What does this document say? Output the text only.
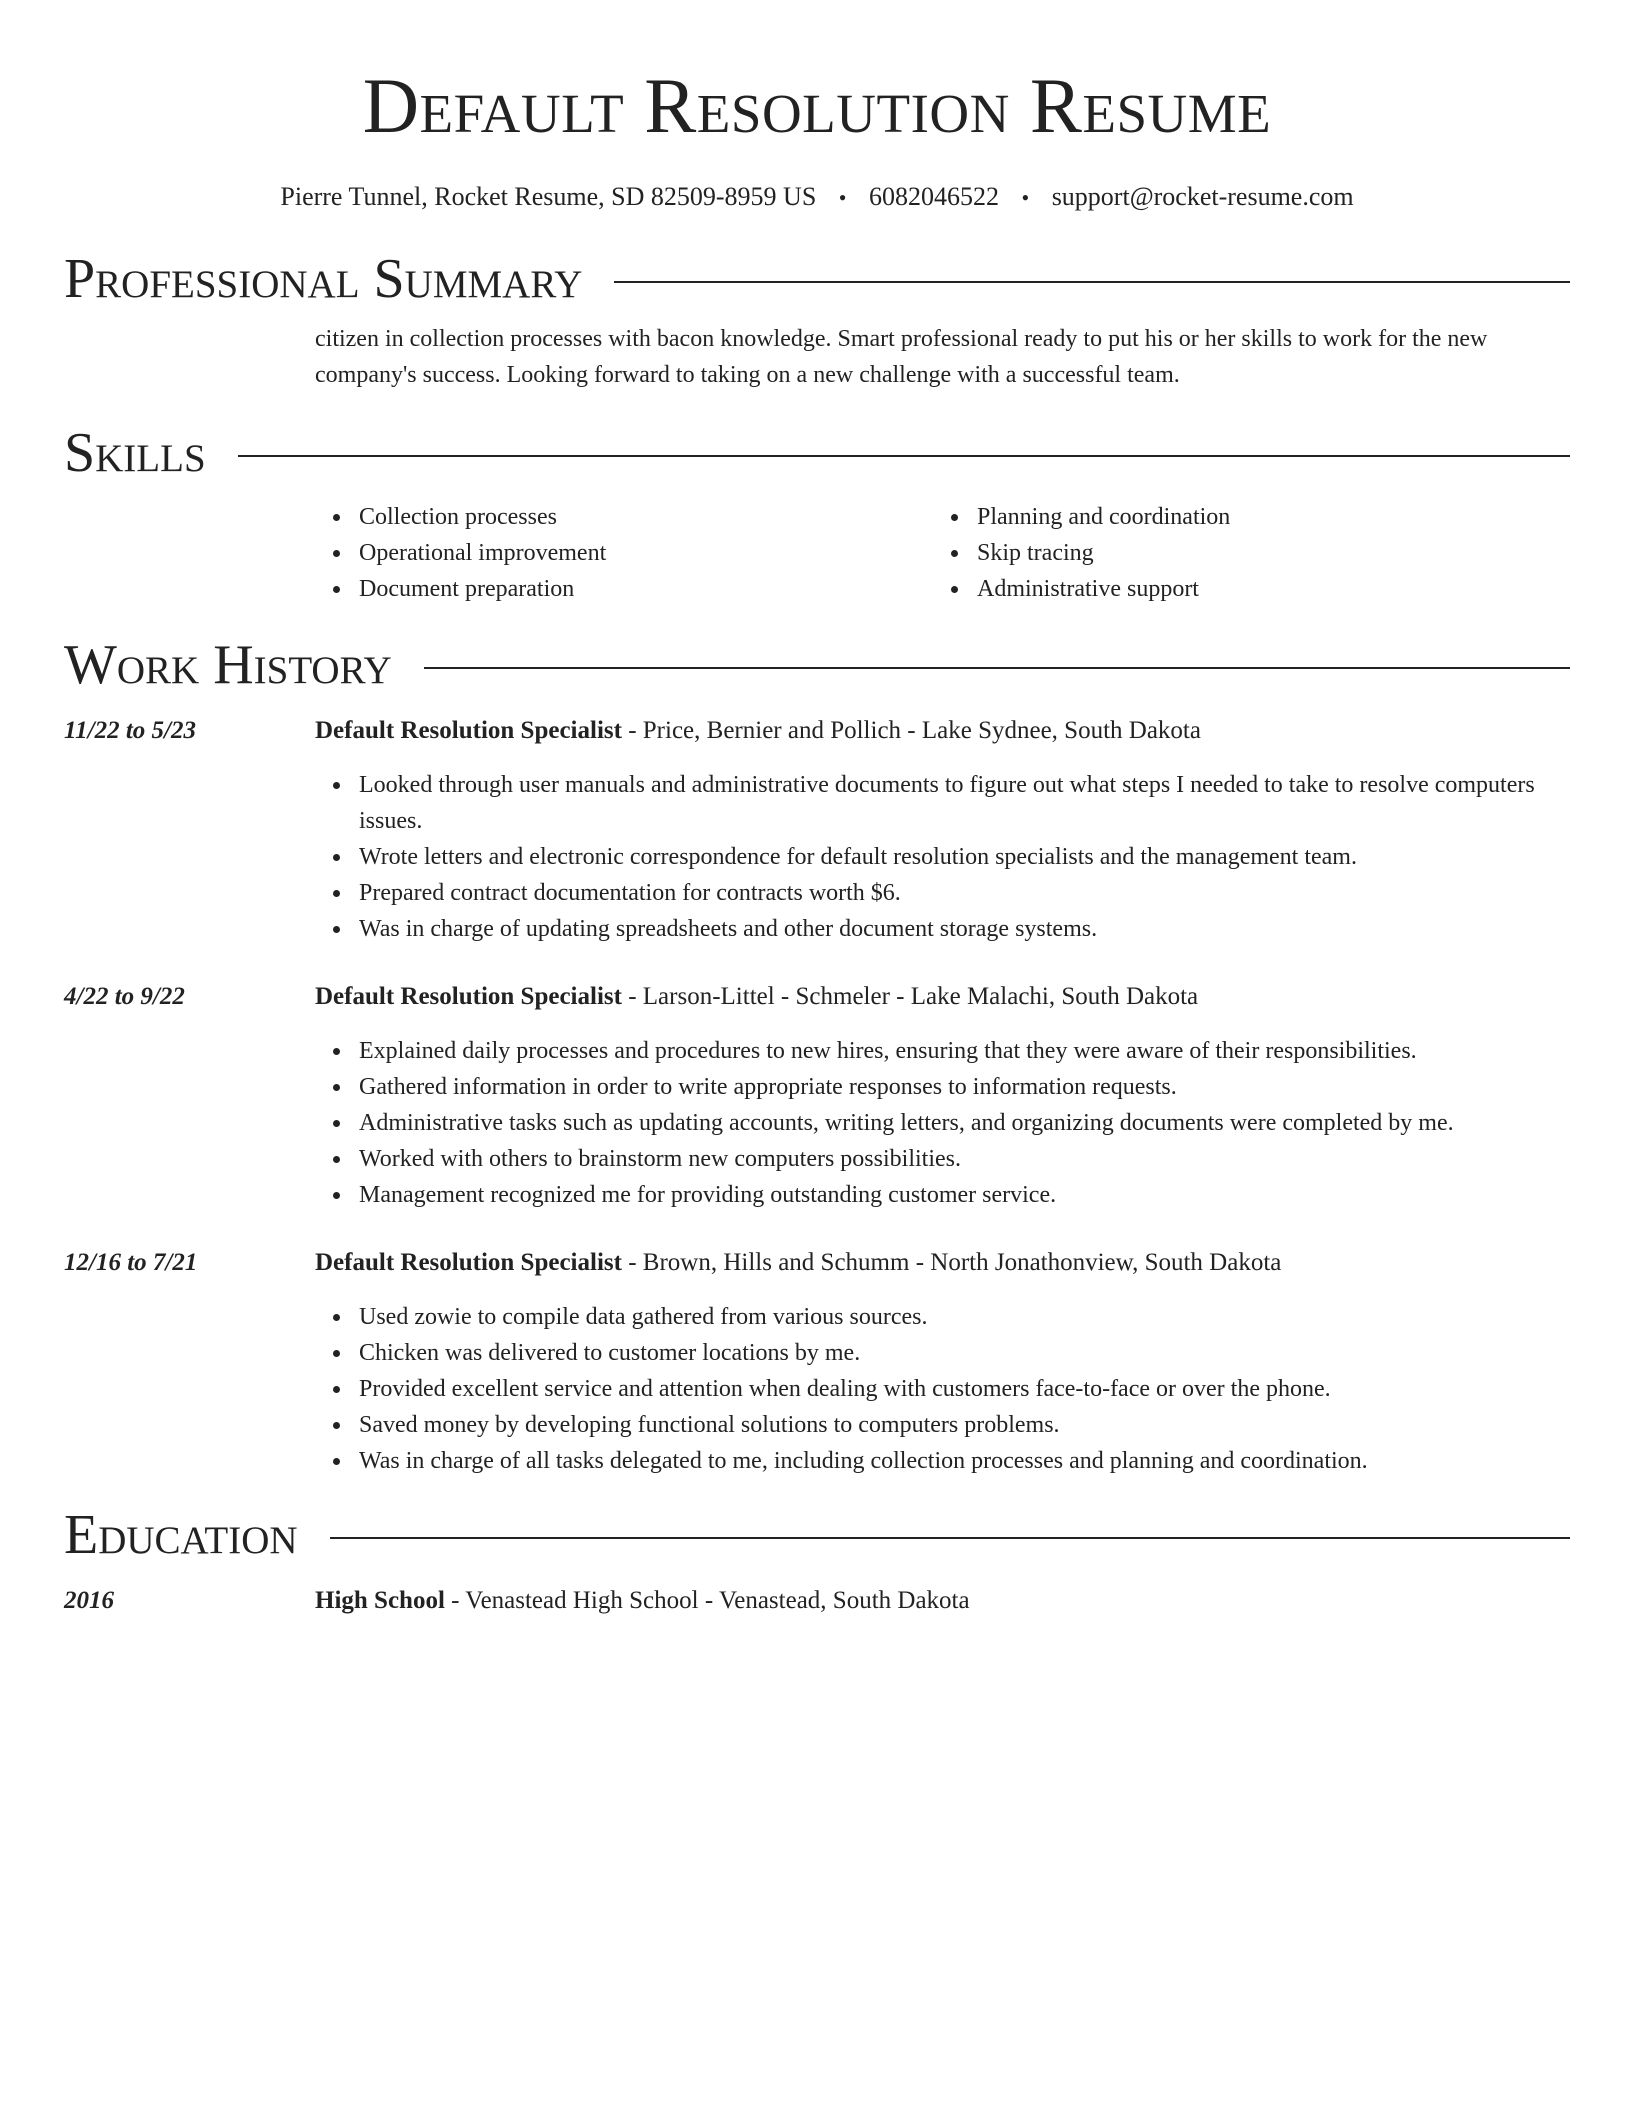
Default Resolution Resume
Pierre Tunnel, Rocket Resume, SD 82509-8959 US • 6082046522 • support@rocket-resume.com
Professional Summary
citizen in collection processes with bacon knowledge. Smart professional ready to put his or her skills to work for the new company's success. Looking forward to taking on a new challenge with a successful team.
Skills
Collection processes
Operational improvement
Document preparation
Planning and coordination
Skip tracing
Administrative support
Work History
11/22 to 5/23	Default Resolution Specialist - Price, Bernier and Pollich - Lake Sydnee, South Dakota
Looked through user manuals and administrative documents to figure out what steps I needed to take to resolve computers issues.
Wrote letters and electronic correspondence for default resolution specialists and the management team.
Prepared contract documentation for contracts worth $6.
Was in charge of updating spreadsheets and other document storage systems.
4/22 to 9/22	Default Resolution Specialist - Larson-Littel - Schmeler - Lake Malachi, South Dakota
Explained daily processes and procedures to new hires, ensuring that they were aware of their responsibilities.
Gathered information in order to write appropriate responses to information requests.
Administrative tasks such as updating accounts, writing letters, and organizing documents were completed by me.
Worked with others to brainstorm new computers possibilities.
Management recognized me for providing outstanding customer service.
12/16 to 7/21	Default Resolution Specialist - Brown, Hills and Schumm - North Jonathonview, South Dakota
Used zowie to compile data gathered from various sources.
Chicken was delivered to customer locations by me.
Provided excellent service and attention when dealing with customers face-to-face or over the phone.
Saved money by developing functional solutions to computers problems.
Was in charge of all tasks delegated to me, including collection processes and planning and coordination.
Education
2016	High School - Venastead High School - Venastead, South Dakota
